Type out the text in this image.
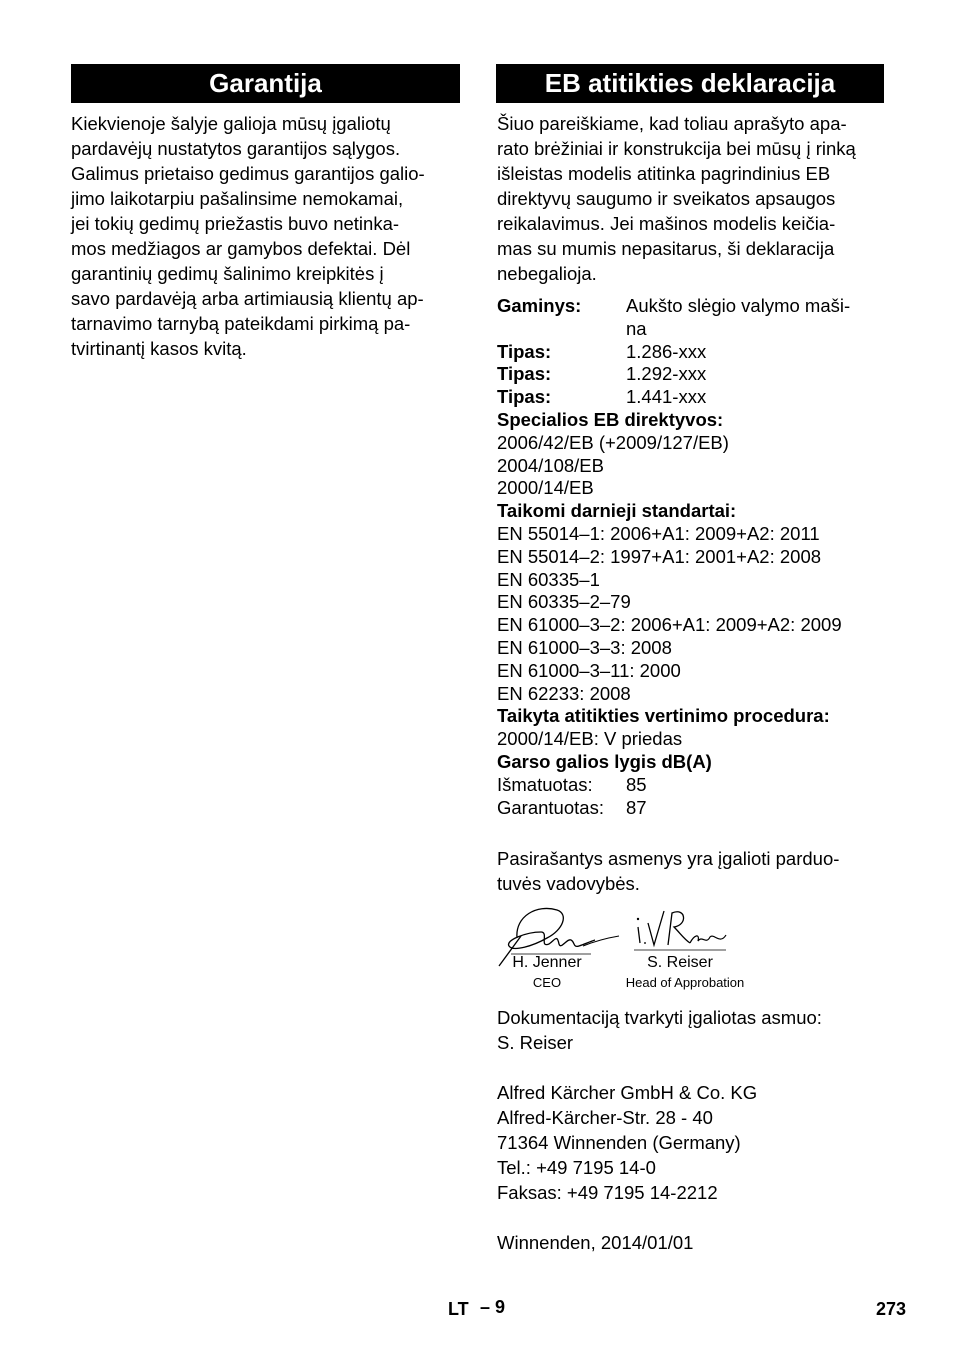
Garantija
Kiekvienoje šalyje galioja mūsų įgaliotų
pardavėjų nustatytos garantijos sąlygos.
Galimus prietaiso gedimus garantijos galio-
jimo laikotarpiu pašalinsime nemokamai,
jei tokių gedimų priežastis buvo netinka-
mos medžiagos ar gamybos defektai. Dėl
garantinių gedimų šalinimo kreipkitės į
savo pardavėją arba artimiausią klientų ap-
tarnavimo tarnybą pateikdami pirkimą pa-
tvirtinantį kasos kvitą.
EB atitikties deklaracija
Šiuo pareiškiame, kad toliau aprašyto apa-
rato brėžiniai ir konstrukcija bei mūsų į rinką
išleistas modelis atitinka pagrindinius EB
direktyvų saugumo ir sveikatos apsaugos
reikalavimus. Jei mašinos modelis keičia-
mas su mumis nepasitarus, ši deklaracija
nebegalioja.
Gaminys:	Aukšto slėgio valymo maši-
na
Tipas:	1.286-xxx
Tipas:	1.292-xxx
Tipas:	1.441-xxx
Specialios EB direktyvos:
2006/42/EB (+2009/127/EB)
2004/108/EB
2000/14/EB
Taikomi darnieji standartai:
EN 55014–1: 2006+A1: 2009+A2: 2011
EN 55014–2: 1997+A1: 2001+A2: 2008
EN 60335–1
EN 60335–2–79
EN 61000–3–2: 2006+A1: 2009+A2: 2009
EN 61000–3–3: 2008
EN 61000–3–11: 2000
EN 62233: 2008
Taikyta atitikties vertinimo procedura:
2000/14/EB: V priedas
Garso galios lygis dB(A)
Išmatuotas:	85
Garantuotas:	87
Pasirašantys asmenys yra įgalioti parduo-
tuvės vadovybės.
H. Jenner
CEO
S. Reiser
Head of Approbation
Dokumentaciją tvarkyti įgaliotas asmuo:
S. Reiser
Alfred Kärcher GmbH & Co. KG
Alfred-Kärcher-Str. 28 - 40
71364 Winnenden (Germany)
Tel.: +49 7195 14-0
Faksas: +49 7195 14-2212
Winnenden, 2014/01/01
LT – 9	273
